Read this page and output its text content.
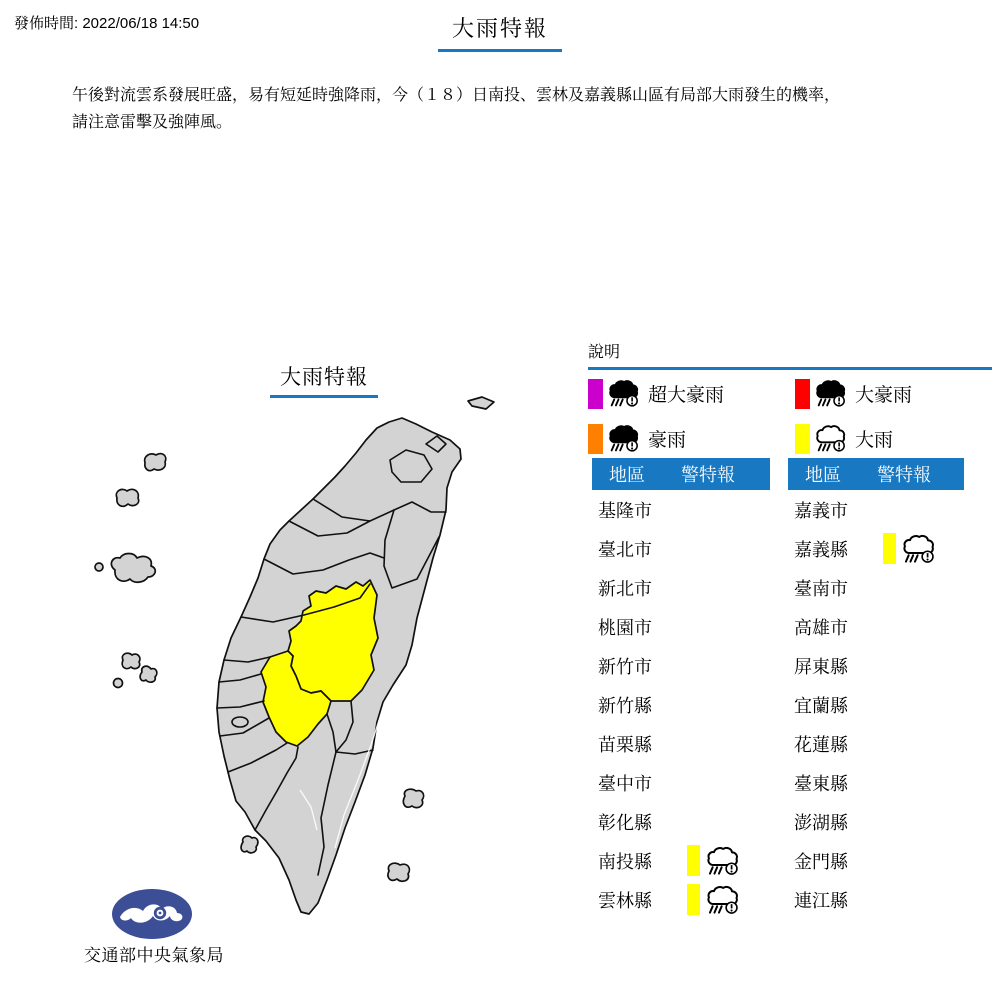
發佈時間: 2022/06/18 14:50	大雨特報

午後對流雲系發展旺盛，易有短延時強降雨，今（１８）日南投、雲林及嘉義縣山區有局部大雨發生的機率，請注意雷擊及強陣風。

大雨特報
交通部中央氣象局
說明
超大豪雨	大豪雨
豪雨	大雨
地區 警特報
基隆市
臺北市
新北市
桃園市
新竹市
新竹縣
苗栗縣
臺中市
彰化縣
南投縣
雲林縣
地區 警特報
嘉義市
嘉義縣
臺南市
高雄市
屏東縣
宜蘭縣
花蓮縣
臺東縣
澎湖縣
金門縣
連江縣
